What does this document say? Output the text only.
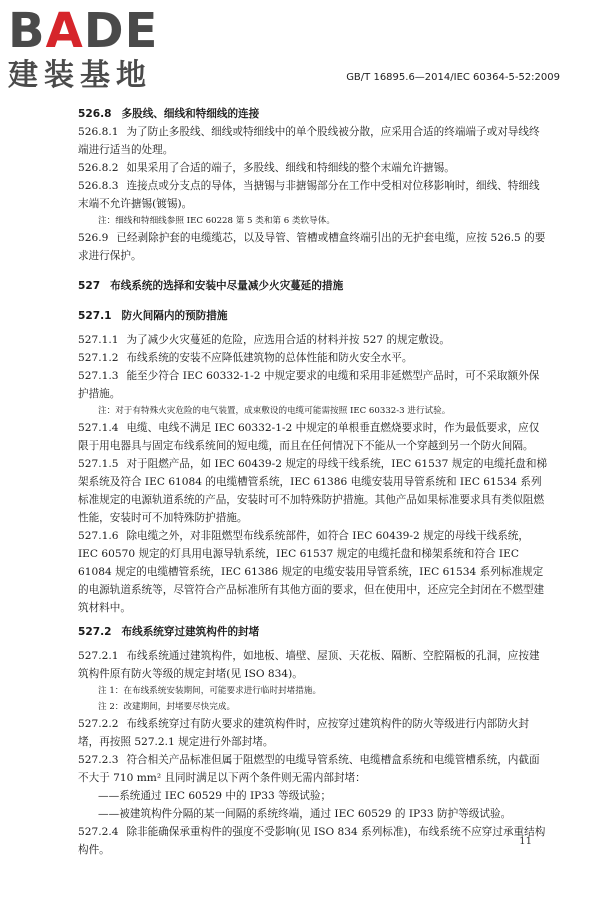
BADE
建装基地	GB/T 16895.6—2014/IEC 60364-5-52:2009

526.8 多股线、细线和特细线的连接

526.8.1 为了防止多股线、细线或特细线中的单个股线被分散，应采用合适的终端端子或对导线终端进行适当的处理。

526.8.2 如果采用了合适的端子，多股线、细线和特细线的整个末端允许搪锡。

526.8.3 连接点或分支点的导体，当搪锡与非搪锡部分在工作中受相对位移影响时，细线、特细线末端不允许搪锡(镀锡)。

注：细线和特细线参照 IEC 60228 第 5 类和第 6 类软导体。

526.9 已经剥除护套的电缆缆芯，以及导管、管槽或槽盒终端引出的无护套电缆，应按 526.5 的要求进行保护。

527 布线系统的选择和安装中尽量减少火灾蔓延的措施

527.1 防火间隔内的预防措施

527.1.1 为了减少火灾蔓延的危险，应选用合适的材料并按 527 的规定敷设。

527.1.2 布线系统的安装不应降低建筑物的总体性能和防火安全水平。

527.1.3 能至少符合 IEC 60332-1-2 中规定要求的电缆和采用非延燃型产品时，可不采取额外保护措施。

注：对于有特殊火灾危险的电气装置，成束敷设的电缆可能需按照 IEC 60332-3 进行试验。

527.1.4 电缆、电线不满足 IEC 60332-1-2 中规定的单根垂直燃烧要求时，作为最低要求，应仅限于用电器具与固定布线系统间的短电缆，而且在任何情况下不能从一个穿越到另一个防火间隔。

527.1.5 对于阻燃产品，如 IEC 60439-2 规定的母线干线系统，IEC 61537 规定的电缆托盘和梯架系统及符合 IEC 61084 的电缆槽管系统，IEC 61386 电缆安装用导管系统和 IEC 61534 系列标准规定的电源轨道系统的产品，安装时可不加特殊防护措施。其他产品如果标准要求具有类似阻燃性能，安装时可不加特殊防护措施。

527.1.6 除电缆之外，对非阻燃型布线系统部件，如符合 IEC 60439-2 规定的母线干线系统，IEC 60570 规定的灯具用电源导轨系统，IEC 61537 规定的电缆托盘和梯架系统和符合 IEC 61084 规定的电缆槽管系统，IEC 61386 规定的电缆安装用导管系统，IEC 61534 系列标准规定的电源轨道系统等，尽管符合产品标准所有其他方面的要求，但在使用中，还应完全封闭在不燃型建筑材料中。

527.2 布线系统穿过建筑构件的封堵

527.2.1 布线系统通过建筑构件，如地板、墙壁、屋顶、天花板、隔断、空腔隔板的孔洞，应按建筑构件原有防火等级的规定封堵(见 ISO 834)。

注 1：在布线系统安装期间，可能要求进行临时封堵措施。

注 2：改建期间，封堵要尽快完成。

527.2.2 布线系统穿过有防火要求的建筑构件时，应按穿过建筑构件的防火等级进行内部防火封堵，再按照 527.2.1 规定进行外部封堵。

527.2.3 符合相关产品标准但属于阻燃型的电缆导管系统、电缆槽盒系统和电缆管槽系统，内截面不大于 710 mm² 且同时满足以下两个条件则无需内部封堵：

——系统通过 IEC 60529 中的 IP33 等级试验；

——被建筑构件分隔的某一间隔的系统终端，通过 IEC 60529 的 IP33 防护等级试验。

527.2.4 除非能确保承重构件的强度不受影响(见 ISO 834 系列标准)，布线系统不应穿过承重结构构件。

11
